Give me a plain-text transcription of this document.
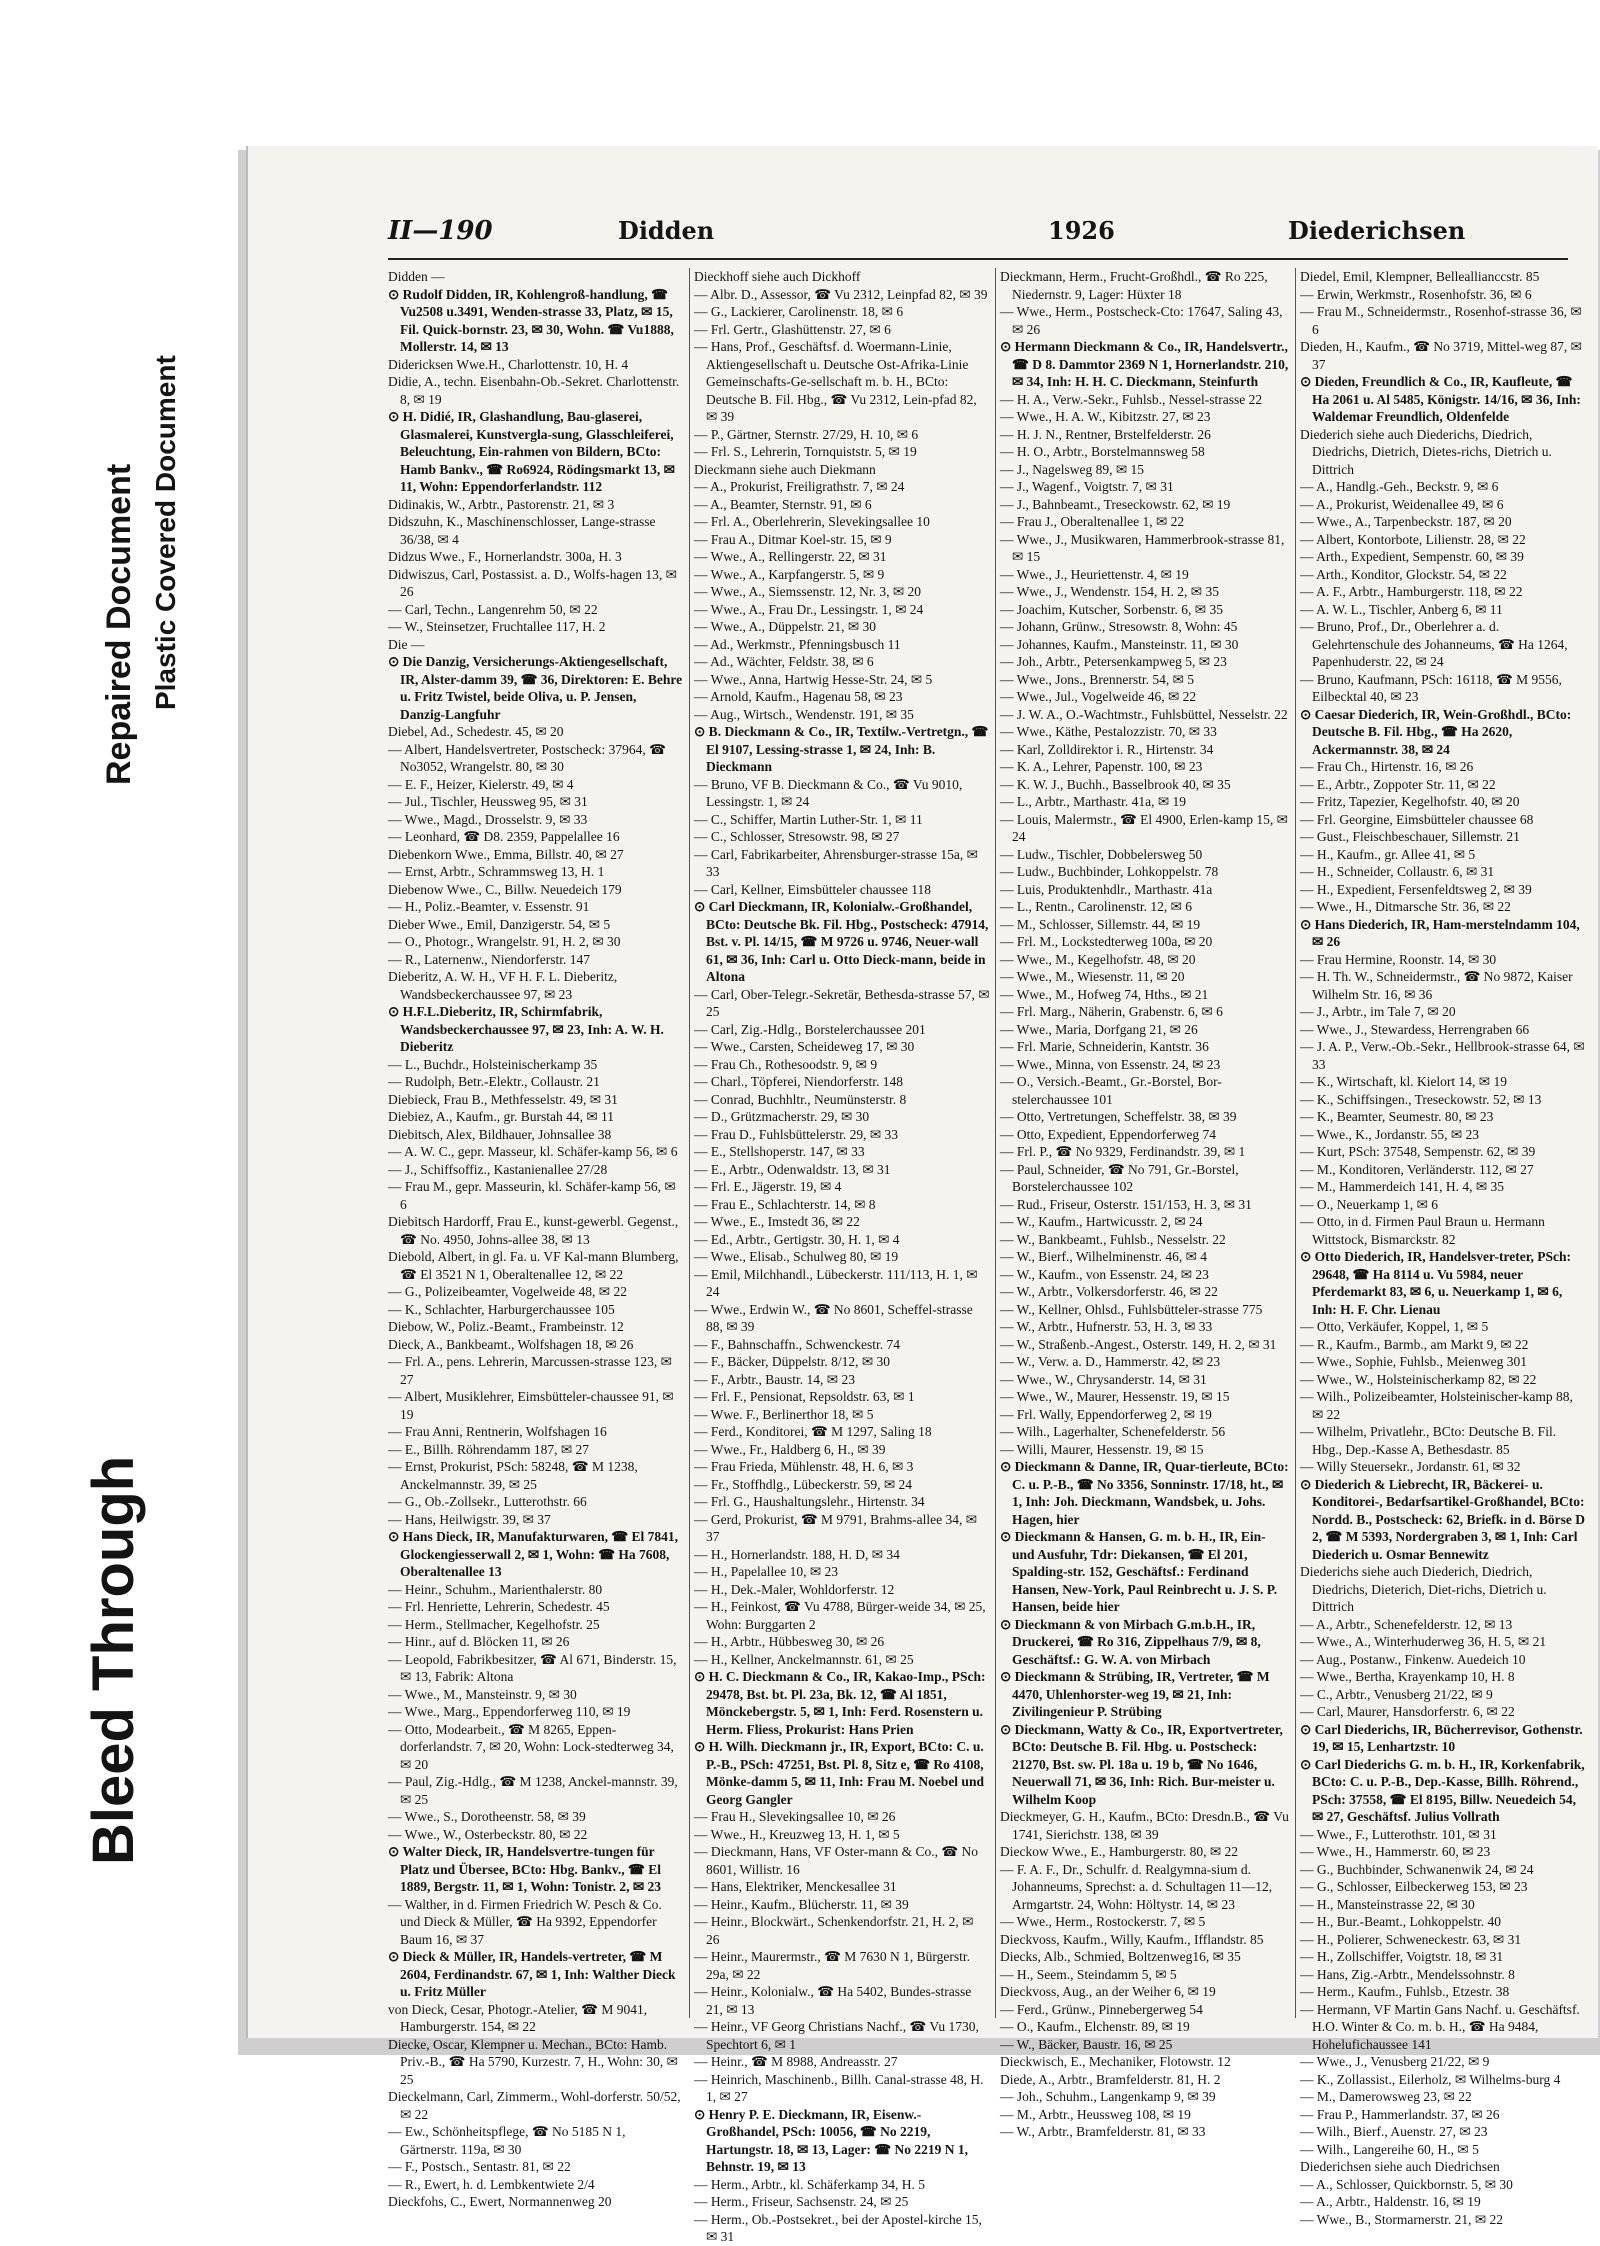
Bleed Through
Repaired Document Plastic Covered Document
II—190	Didden	1926	Diederichsen

Didden —

⊙ Rudolf Didden, IR, Kohlengroß-handlung, ☎ Vu2508 u.3491, Wenden-strasse 33, Platz, ✉ 15, Fil. Quick-bornstr. 23, ✉ 30, Wohn. ☎ Vu1888, Mollerstr. 14, ✉ 13

Didericksen Wwe.H., Charlottenstr. 10, H. 4

Didie, A., techn. Eisenbahn-Ob.-Sekret. Charlottenstr. 8, ✉ 19

⊙ H. Didié, IR, Glashandlung, Bau-glaserei, Glasmalerei, Kunstvergla-sung, Glasschleiferei, Beleuchtung, Ein-rahmen von Bildern, BCto: Hamb Bankv., ☎ Ro6924, Rödingsmarkt 13, ✉ 11, Wohn: Eppendorferlandstr. 112

Didinakis, W., Arbtr., Pastorenstr. 21, ✉ 3

Didszuhn, K., Maschinenschlosser, Lange-strasse 36/38, ✉ 4

Didzus Wwe., F., Hornerlandstr. 300a, H. 3

Didwiszus, Carl, Postassist. a. D., Wolfs-hagen 13, ✉ 26

— Carl, Techn., Langenrehm 50, ✉ 22

— W., Steinsetzer, Fruchtallee 117, H. 2

Die —

⊙ Die Danzig, Versicherungs-Aktiengesellschaft, IR, Alster-damm 39, ☎ 36, Direktoren: E. Behre u. Fritz Twistel, beide Oliva, u. P. Jensen, Danzig-Langfuhr

Diebel, Ad., Schedestr. 45, ✉ 20

— Albert, Handelsvertreter, Postscheck: 37964, ☎ No3052, Wrangelstr. 80, ✉ 30

— E. F., Heizer, Kielerstr. 49, ✉ 4

— Jul., Tischler, Heussweg 95, ✉ 31

— Wwe., Magd., Drosselstr. 9, ✉ 33

— Leonhard, ☎ D8. 2359, Pappelallee 16

Diebenkorn Wwe., Emma, Billstr. 40, ✉ 27

— Ernst, Arbtr., Schrammsweg 13, H. 1

Diebenow Wwe., C., Billw. Neuedeich 179

— H., Poliz.-Beamter, v. Essenstr. 91

Dieber Wwe., Emil, Danzigerstr. 54, ✉ 5

— O., Photogr., Wrangelstr. 91, H. 2, ✉ 30

— R., Laternenw., Niendorferstr. 147

Dieberitz, A. W. H., VF H. F. L. Dieberitz, Wandsbeckerchaussee 97, ✉ 23

⊙ H.F.L.Dieberitz, IR, Schirmfabrik, Wandsbeckerchaussee 97, ✉ 23, Inh: A. W. H. Dieberitz

— L., Buchdr., Holsteinischerkamp 35

— Rudolph, Betr.-Elektr., Collaustr. 21

Diebieck, Frau B., Methfesselstr. 49, ✉ 31

Diebiez, A., Kaufm., gr. Burstah 44, ✉ 11

Diebitsch, Alex, Bildhauer, Johnsallee 38

— A. W. C., gepr. Masseur, kl. Schäfer-kamp 56, ✉ 6

— J., Schiffsoffiz., Kastanienallee 27/28

— Frau M., gepr. Masseurin, kl. Schäfer-kamp 56, ✉ 6

Diebitsch Hardorff, Frau E., kunst-gewerbl. Gegenst., ☎ No. 4950, Johns-allee 38, ✉ 13

Diebold, Albert, in gl. Fa. u. VF Kal-mann Blumberg, ☎ El 3521 N 1, Oberaltenallee 12, ✉ 22

— G., Polizeibeamter, Vogelweide 48, ✉ 22

— K., Schlachter, Harburgerchaussee 105

Diebow, W., Poliz.-Beamt., Frambeinstr. 12

Dieck, A., Bankbeamt., Wolfshagen 18, ✉ 26

— Frl. A., pens. Lehrerin, Marcussen-strasse 123, ✉ 27

— Albert, Musiklehrer, Eimsbütteler-chaussee 91, ✉ 19

— Frau Anni, Rentnerin, Wolfshagen 16

— E., Billh. Röhrendamm 187, ✉ 27

— Ernst, Prokurist, PSch: 58248, ☎ M 1238, Anckelmannstr. 39, ✉ 25

— G., Ob.-Zollsekr., Lutterothstr. 66

— Hans, Heilwigstr. 39, ✉ 37

⊙ Hans Dieck, IR, Manufakturwaren, ☎ El 7841, Glockengiesserwall 2, ✉ 1, Wohn: ☎ Ha 7608, Oberaltenallee 13

— Heinr., Schuhm., Marienthalerstr. 80

— Frl. Henriette, Lehrerin, Schedestr. 45

— Herm., Stellmacher, Kegelhofstr. 25

— Hinr., auf d. Blöcken 11, ✉ 26

— Leopold, Fabrikbesitzer, ☎ Al 671, Binderstr. 15, ✉ 13, Fabrik: Altona

— Wwe., M., Mansteinstr. 9, ✉ 30

— Wwe., Marg., Eppendorferweg 110, ✉ 19

— Otto, Modearbeit., ☎ M 8265, Eppen-dorferlandstr. 7, ✉ 20, Wohn: Lock-stedterweg 34, ✉ 20

— Paul, Zig.-Hdlg., ☎ M 1238, Anckel-mannstr. 39, ✉ 25

— Wwe., S., Dorotheenstr. 58, ✉ 39

— Wwe., W., Osterbeckstr. 80, ✉ 22

⊙ Walter Dieck, IR, Handelsvertre-tungen für Platz und Übersee, BCto: Hbg. Bankv., ☎ El 1889, Bergstr. 11, ✉ 1, Wohn: Tonistr. 2, ✉ 23

— Walther, in d. Firmen Friedrich W. Pesch & Co. und Dieck & Müller, ☎ Ha 9392, Eppendorfer Baum 16, ✉ 37

⊙ Dieck & Müller, IR, Handels-vertreter, ☎ M 2604, Ferdinandstr. 67, ✉ 1, Inh: Walther Dieck u. Fritz Müller

von Dieck, Cesar, Photogr.-Atelier, ☎ M 9041, Hamburgerstr. 154, ✉ 22

Diecke, Oscar, Klempner u. Mechan., BCto: Hamb. Priv.-B., ☎ Ha 5790, Kurzestr. 7, H., Wohn: 30, ✉ 25

Dieckelmann, Carl, Zimmerm., Wohl-dorferstr. 50/52, ✉ 22

— Ew., Schönheitspflege, ☎ No 5185 N 1, Gärtnerstr. 119a, ✉ 30

— F., Postsch., Sentastr. 81, ✉ 22

— R., Ewert, h. d. Lembkentwiete 2/4

Dieckfohs, C., Ewert, Normannenweg 20

Dieckhoff siehe auch Dickhoff

— Albr. D., Assessor, ☎ Vu 2312, Leinpfad 82, ✉ 39

— G., Lackierer, Carolinenstr. 18, ✉ 6

— Frl. Gertr., Glashüttenstr. 27, ✉ 6

— Hans, Prof., Geschäftsf. d. Woermann-Linie, Aktiengesellschaft u. Deutsche Ost-Afrika-Linie Gemeinschafts-Ge-sellschaft m. b. H., BCto: Deutsche B. Fil. Hbg., ☎ Vu 2312, Lein-pfad 82, ✉ 39

— P., Gärtner, Sternstr. 27/29, H. 10, ✉ 6

— Frl. S., Lehrerin, Tornquiststr. 5, ✉ 19

Dieckmann siehe auch Diekmann

— A., Prokurist, Freiligrathstr. 7, ✉ 24

— A., Beamter, Sternstr. 91, ✉ 6

— Frl. A., Oberlehrerin, Slevekingsallee 10

— Frau A., Ditmar Koel-str. 15, ✉ 9

— Wwe., A., Rellingerstr. 22, ✉ 31

— Wwe., A., Karpfangerstr. 5, ✉ 9

— Wwe., A., Siemssenstr. 12, Nr. 3, ✉ 20

— Wwe., A., Frau Dr., Lessingstr. 1, ✉ 24

— Wwe., A., Düppelstr. 21, ✉ 30

— Ad., Werkmstr., Pfenningsbusch 11

— Ad., Wächter, Feldstr. 38, ✉ 6

— Wwe., Anna, Hartwig Hesse-Str. 24, ✉ 5

— Arnold, Kaufm., Hagenau 58, ✉ 23

— Aug., Wirtsch., Wendenstr. 191, ✉ 35

⊙ B. Dieckmann & Co., IR, Textilw.-Vertretgn., ☎ El 9107, Lessing-strasse 1, ✉ 24, Inh: B. Dieckmann

— Bruno, VF B. Dieckmann & Co., ☎ Vu 9010, Lessingstr. 1, ✉ 24

— C., Schiffer, Martin Luther-Str. 1, ✉ 11

— C., Schlosser, Stresowstr. 98, ✉ 27

— Carl, Fabrikarbeiter, Ahrensburger-strasse 15a, ✉ 33

— Carl, Kellner, Eimsbütteler chaussee 118

⊙ Carl Dieckmann, IR, Kolonialw.-Großhandel, BCto: Deutsche Bk. Fil. Hbg., Postscheck: 47914, Bst. v. Pl. 14/15, ☎ M 9726 u. 9746, Neuer-wall 61, ✉ 36, Inh: Carl u. Otto Dieck-mann, beide in Altona

— Carl, Ober-Telegr.-Sekretär, Bethesda-strasse 57, ✉ 25

— Carl, Zig.-Hdlg., Borstelerchaussee 201

— Wwe., Carsten, Scheideweg 17, ✉ 30

— Frau Ch., Rothesoodstr. 9, ✉ 9

— Charl., Töpferei, Niendorferstr. 148

— Conrad, Buchhltr., Neumünsterstr. 8

— D., Grützmacherstr. 29, ✉ 30

— Frau D., Fuhlsbüttelerstr. 29, ✉ 33

— E., Stellshoperstr. 147, ✉ 33

— E., Arbtr., Odenwaldstr. 13, ✉ 31

— Frl. E., Jägerstr. 19, ✉ 4

— Frau E., Schlachterstr. 14, ✉ 8

— Wwe., E., Imstedt 36, ✉ 22

— Ed., Arbtr., Gertigstr. 30, H. 1, ✉ 4

— Wwe., Elisab., Schulweg 80, ✉ 19

— Emil, Milchhandl., Lübeckerstr. 111/113, H. 1, ✉ 24

— Wwe., Erdwin W., ☎ No 8601, Scheffel-strasse 88, ✉ 39

— F., Bahnschaffn., Schwenckestr. 74

— F., Bäcker, Düppelstr. 8/12, ✉ 30

— F., Arbtr., Baustr. 14, ✉ 23

— Frl. F., Pensionat, Repsoldstr. 63, ✉ 1

— Wwe. F., Berlinerthor 18, ✉ 5

— Ferd., Konditorei, ☎ M 1297, Saling 18

— Wwe., Fr., Haldberg 6, H., ✉ 39

— Frau Frieda, Mühlenstr. 48, H. 6, ✉ 3

— Fr., Stoffhdlg., Lübeckerstr. 59, ✉ 24

— Frl. G., Haushaltungslehr., Hirtenstr. 34

— Gerd, Prokurist, ☎ M 9791, Brahms-allee 34, ✉ 37

— H., Hornerlandstr. 188, H. D, ✉ 34

— H., Papelallee 10, ✉ 23

— H., Dek.-Maler, Wohldorferstr. 12

— H., Feinkost, ☎ Vu 4788, Bürger-weide 34, ✉ 25, Wohn: Burggarten 2

— H., Arbtr., Hübbesweg 30, ✉ 26

— H., Kellner, Anckelmannstr. 61, ✉ 25

⊙ H. C. Dieckmann & Co., IR, Kakao-Imp., PSch: 29478, Bst. bt. Pl. 23a, Bk. 12, ☎ Al 1851, Mönckebergstr. 5, ✉ 1, Inh: Ferd. Rosenstern u. Herm. Fliess, Prokurist: Hans Prien

⊙ H. Wilh. Dieckmann jr., IR, Export, BCto: C. u. P.-B., PSch: 47251, Bst. Pl. 8, Sitz e, ☎ Ro 4108, Mönke-damm 5, ✉ 11, Inh: Frau M. Noebel und Georg Gangler

— Frau H., Slevekingsallee 10, ✉ 26

— Wwe., H., Kreuzweg 13, H. 1, ✉ 5

— Dieckmann, Hans, VF Oster-mann & Co., ☎ No 8601, Willistr. 16

— Hans, Elektriker, Menckesallee 31

— Heinr., Kaufm., Blücherstr. 11, ✉ 39

— Heinr., Blockwärt., Schenkendorfstr. 21, H. 2, ✉ 26

— Heinr., Maurermstr., ☎ M 7630 N 1, Bürgerstr. 29a, ✉ 22

— Heinr., Kolonialw., ☎ Ha 5402, Bundes-strasse 21, ✉ 13

— Heinr., VF Georg Christians Nachf., ☎ Vu 1730, Spechtort 6, ✉ 1

— Heinr., ☎ M 8988, Andreasstr. 27

— Heinrich, Maschinenb., Billh. Canal-strasse 48, H. 1, ✉ 27

⊙ Henry P. E. Dieckmann, IR, Eisenw.-Großhandel, PSch: 10056, ☎ No 2219, Hartungstr. 18, ✉ 13, Lager: ☎ No 2219 N 1, Behnstr. 19, ✉ 13

— Herm., Arbtr., kl. Schäferkamp 34, H. 5

— Herm., Friseur, Sachsenstr. 24, ✉ 25

— Herm., Ob.-Postsekret., bei der Apostel-kirche 15, ✉ 31

Dieckmann, Herm., Frucht-Großhdl., ☎ Ro 225, Niedernstr. 9, Lager: Hüxter 18

— Wwe., Herm., Postscheck-Cto: 17647, Saling 43, ✉ 26

⊙ Hermann Dieckmann & Co., IR, Handelsvertr., ☎ D 8. Dammtor 2369 N 1, Hornerlandstr. 210, ✉ 34, Inh: H. H. C. Dieckmann, Steinfurth

— H. A., Verw.-Sekr., Fuhlsb., Nessel-strasse 22

— Wwe., H. A. W., Kibitzstr. 27, ✉ 23

— H. J. N., Rentner, Brstelfelderstr. 26

— H. O., Arbtr., Borstelmannsweg 58

— J., Nagelsweg 89, ✉ 15

— J., Wagenf., Voigtstr. 7, ✉ 31

— J., Bahnbeamt., Treseckowstr. 62, ✉ 19

— Frau J., Oberaltenallee 1, ✉ 22

— Wwe., J., Musikwaren, Hammerbrook-strasse 81, ✉ 15

— Wwe., J., Heuriettenstr. 4, ✉ 19

— Wwe., J., Wendenstr. 154, H. 2, ✉ 35

— Joachim, Kutscher, Sorbenstr. 6, ✉ 35

— Johann, Grünw., Stresowstr. 8, Wohn: 45

— Johannes, Kaufm., Mansteinstr. 11, ✉ 30

— Joh., Arbtr., Petersenkampweg 5, ✉ 23

— Wwe., Jons., Brennerstr. 54, ✉ 5

— Wwe., Jul., Vogelweide 46, ✉ 22

— J. W. A., O.-Wachtmstr., Fuhlsbüttel, Nesselstr. 22

— Wwe., Käthe, Pestalozzistr. 70, ✉ 33

— Karl, Zolldirektor i. R., Hirtenstr. 34

— K. A., Lehrer, Papenstr. 100, ✉ 23

— K. W. J., Buchh., Basselbrook 40, ✉ 35

— L., Arbtr., Marthastr. 41a, ✉ 19

— Louis, Malermstr., ☎ El 4900, Erlen-kamp 15, ✉ 24

— Ludw., Tischler, Dobbelersweg 50

— Ludw., Buchbinder, Lohkoppelstr. 78

— Luis, Produktenhdlr., Marthastr. 41a

— L., Rentn., Carolinenstr. 12, ✉ 6

— M., Schlosser, Sillemstr. 44, ✉ 19

— Frl. M., Lockstedterweg 100a, ✉ 20

— Wwe., M., Kegelhofstr. 48, ✉ 20

— Wwe., M., Wiesenstr. 11, ✉ 20

— Wwe., M., Hofweg 74, Hths., ✉ 21

— Frl. Marg., Näherin, Grabenstr. 6, ✉ 6

— Wwe., Maria, Dorfgang 21, ✉ 26

— Frl. Marie, Schneiderin, Kantstr. 36

— Wwe., Minna, von Essenstr. 24, ✉ 23

— O., Versich.-Beamt., Gr.-Borstel, Bor-stelerchaussee 101

— Otto, Vertretungen, Scheffelstr. 38, ✉ 39

— Otto, Expedient, Eppendorferweg 74

— Frl. P., ☎ No 9329, Ferdinandstr. 39, ✉ 1

— Paul, Schneider, ☎ No 791, Gr.-Borstel, Borstelerchaussee 102

— Rud., Friseur, Osterstr. 151/153, H. 3, ✉ 31

— W., Kaufm., Hartwicusstr. 2, ✉ 24

— W., Bankbeamt., Fuhlsb., Nesselstr. 22

— W., Bierf., Wilhelminenstr. 46, ✉ 4

— W., Kaufm., von Essenstr. 24, ✉ 23

— W., Arbtr., Volkersdorferstr. 46, ✉ 22

— W., Kellner, Ohlsd., Fuhlsbütteler-strasse 775

— W., Arbtr., Hufnerstr. 53, H. 3, ✉ 33

— W., Straßenb.-Angest., Osterstr. 149, H. 2, ✉ 31

— W., Verw. a. D., Hammerstr. 42, ✉ 23

— Wwe., W., Chrysanderstr. 14, ✉ 31

— Wwe., W., Maurer, Hessenstr. 19, ✉ 15

— Frl. Wally, Eppendorferweg 2, ✉ 19

— Wilh., Lagerhalter, Schenefelderstr. 56

— Willi, Maurer, Hessenstr. 19, ✉ 15

⊙ Dieckmann & Danne, IR, Quar-tierleute, BCto: C. u. P.-B., ☎ No 3356, Sonninstr. 17/18, ht., ✉ 1, Inh: Joh. Dieckmann, Wandsbek, u. Johs. Hagen, hier

⊙ Dieckmann & Hansen, G. m. b. H., IR, Ein- und Ausfuhr, Tdr: Diekansen, ☎ El 201, Spalding-str. 152, Geschäftsf.: Ferdinand Hansen, New-York, Paul Reinbrecht u. J. S. P. Hansen, beide hier

⊙ Dieckmann & von Mirbach G.m.b.H., IR, Druckerei, ☎ Ro 316, Zippelhaus 7/9, ✉ 8, Geschäftsf.: G. W. A. von Mirbach

⊙ Dieckmann & Strübing, IR, Vertreter, ☎ M 4470, Uhlenhorster-weg 19, ✉ 21, Inh: Zivilingenieur P. Strübing

⊙ Dieckmann, Watty & Co., IR, Exportvertreter, BCto: Deutsche B. Fil. Hbg. u. Postscheck: 21270, Bst. sw. Pl. 18a u. 19 b, ☎ No 1646, Neuerwall 71, ✉ 36, Inh: Rich. Bur-meister u. Wilhelm Koop

Dieckmeyer, G. H., Kaufm., BCto: Dresdn.B., ☎ Vu 1741, Sierichstr. 138, ✉ 39

Dieckow Wwe., E., Hamburgerstr. 80, ✉ 22

— F. A. F., Dr., Schulfr. d. Realgymna-sium d. Johanneums, Sprechst: a. d. Schultagen 11—12, Armgartstr. 24, Wohn: Höltystr. 14, ✉ 23

— Wwe., Herm., Rostockerstr. 7, ✉ 5

Dieckvoss, Kaufm., Willy, Kaufm., Ifflandstr. 85

Diecks, Alb., Schmied, Boltzenweg16, ✉ 35

— H., Seem., Steindamm 5, ✉ 5

Dieckvoss, Aug., an der Weiher 6, ✉ 19

— Ferd., Grünw., Pinnebergerweg 54

— O., Kaufm., Elchenstr. 89, ✉ 19

— W., Bäcker, Baustr. 16, ✉ 25

Dieckwisch, E., Mechaniker, Flotowstr. 12

Diede, A., Arbtr., Bramfelderstr. 81, H. 2

— Joh., Schuhm., Langenkamp 9, ✉ 39

— M., Arbtr., Heussweg 108, ✉ 19

— W., Arbtr., Bramfelderstr. 81, ✉ 33

Diedel, Emil, Klempner, Belleallianccstr. 85

— Erwin, Werkmstr., Rosenhofstr. 36, ✉ 6

— Frau M., Schneidermstr., Rosenhof-strasse 36, ✉ 6

Dieden, H., Kaufm., ☎ No 3719, Mittel-weg 87, ✉ 37

⊙ Dieden, Freundlich & Co., IR, Kaufleute, ☎ Ha 2061 u. Al 5485, Königstr. 14/16, ✉ 36, Inh: Waldemar Freundlich, Oldenfelde

Diederich siehe auch Diederichs, Diedrich, Diedrichs, Dietrich, Dietes-richs, Dietrich u. Dittrich

— A., Handlg.-Geh., Beckstr. 9, ✉ 6

— A., Prokurist, Weidenallee 49, ✉ 6

— Wwe., A., Tarpenbeckstr. 187, ✉ 20

— Albert, Kontorbote, Lilienstr. 28, ✉ 22

— Arth., Expedient, Sempenstr. 60, ✉ 39

— Arth., Konditor, Glockstr. 54, ✉ 22

— A. F., Arbtr., Hamburgerstr. 118, ✉ 22

— A. W. L., Tischler, Anberg 6, ✉ 11

— Bruno, Prof., Dr., Oberlehrer a. d. Gelehrtenschule des Johanneums, ☎ Ha 1264, Papenhuderstr. 22, ✉ 24

— Bruno, Kaufmann, PSch: 16118, ☎ M 9556, Eilbecktal 40, ✉ 23

⊙ Caesar Diederich, IR, Wein-Großhdl., BCto: Deutsche B. Fil. Hbg., ☎ Ha 2620, Ackermannstr. 38, ✉ 24

— Frau Ch., Hirtenstr. 16, ✉ 26

— E., Arbtr., Zoppoter Str. 11, ✉ 22

— Fritz, Tapezier, Kegelhofstr. 40, ✉ 20

— Frl. Georgine, Eimsbütteler chaussee 68

— Gust., Fleischbeschauer, Sillemstr. 21

— H., Kaufm., gr. Allee 41, ✉ 5

— H., Schneider, Collaustr. 6, ✉ 31

— H., Expedient, Fersenfeldtsweg 2, ✉ 39

— Wwe., H., Ditmarsche Str. 36, ✉ 22

⊙ Hans Diederich, IR, Ham-merstelndamm 104, ✉ 26

— Frau Hermine, Roonstr. 14, ✉ 30

— H. Th. W., Schneidermstr., ☎ No 9872, Kaiser Wilhelm Str. 16, ✉ 36

— J., Arbtr., im Tale 7, ✉ 20

— Wwe., J., Stewardess, Herrengraben 66

— J. A. P., Verw.-Ob.-Sekr., Hellbrook-strasse 64, ✉ 33

— K., Wirtschaft, kl. Kielort 14, ✉ 19

— K., Schiffsingen., Treseckowstr. 52, ✉ 13

— K., Beamter, Seumestr. 80, ✉ 23

— Wwe., K., Jordanstr. 55, ✉ 23

— Kurt, PSch: 37548, Sempenstr. 62, ✉ 39

— M., Konditoren, Verländerstr. 112, ✉ 27

— M., Hammerdeich 141, H. 4, ✉ 35

— O., Neuerkamp 1, ✉ 6

— Otto, in d. Firmen Paul Braun u. Hermann Wittstock, Bismarckstr. 82

⊙ Otto Diederich, IR, Handelsver-treter, PSch: 29648, ☎ Ha 8114 u. Vu 5984, neuer Pferdemarkt 83, ✉ 6, u. Neuerkamp 1, ✉ 6, Inh: H. F. Chr. Lienau

— Otto, Verkäufer, Koppel, 1, ✉ 5

— R., Kaufm., Barmb., am Markt 9, ✉ 22

— Wwe., Sophie, Fuhlsb., Meienweg 301

— Wwe., W., Holsteinischerkamp 82, ✉ 22

— Wilh., Polizeibeamter, Holsteinischer-kamp 88, ✉ 22

— Wilhelm, Privatlehr., BCto: Deutsche B. Fil. Hbg., Dep.-Kasse A, Bethesdastr. 85

— Willy Steuersekr., Jordanstr. 61, ✉ 32

⊙ Diederich & Liebrecht, IR, Bäckerei- u. Konditorei-, Bedarfsartikel-Großhandel, BCto: Nordd. B., Postscheck: 62, Briefk. in d. Börse D 2, ☎ M 5393, Nordergraben 3, ✉ 1, Inh: Carl Diederich u. Osmar Bennewitz

Diederichs siehe auch Diederich, Diedrich, Diedrichs, Dieterich, Diet-richs, Dietrich u. Dittrich

— A., Arbtr., Schenefelderstr. 12, ✉ 13

— Wwe., A., Winterhuderweg 36, H. 5, ✉ 21

— Aug., Postanw., Finkenw. Auedeich 10

— Wwe., Bertha, Krayenkamp 10, H. 8

— C., Arbtr., Venusberg 21/22, ✉ 9

— Carl, Maurer, Hansdorferstr. 6, ✉ 22

⊙ Carl Diederichs, IR, Bücherrevisor, Gothenstr. 19, ✉ 15, Lenhartzstr. 10

⊙ Carl Diederichs G. m. b. H., IR, Korkenfabrik, BCto: C. u. P.-B., Dep.-Kasse, Billh. Röhrend., PSch: 37558, ☎ El 8195, Billw. Neuedeich 54, ✉ 27, Geschäftsf. Julius Vollrath

— Wwe., F., Lutterothstr. 101, ✉ 31

— Wwe., H., Hammerstr. 60, ✉ 23

— G., Buchbinder, Schwanenwik 24, ✉ 24

— G., Schlosser, Eilbeckerweg 153, ✉ 23

— H., Mansteinstrasse 22, ✉ 30

— H., Bur.-Beamt., Lohkoppelstr. 40

— H., Polierer, Schweneckestr. 63, ✉ 31

— H., Zollschiffer, Voigtstr. 18, ✉ 31

— Hans, Zig.-Arbtr., Mendelssohnstr. 8

— Herm., Kaufm., Fuhlsb., Etzestr. 38

— Hermann, VF Martin Gans Nachf. u. Geschäftsf. H.O. Winter & Co. m. b. H., ☎ Ha 9484, Hohelufichaussee 141

— Wwe., J., Venusberg 21/22, ✉ 9

— K., Zollassist., Eilerholz, ✉ Wilhelms-burg 4

— M., Damerowsweg 23, ✉ 22

— Frau P., Hammerlandstr. 37, ✉ 26

— Wilh., Bierf., Auenstr. 27, ✉ 23

— Wilh., Langereihe 60, H., ✉ 5

Diederichsen siehe auch Diedrichsen

— A., Schlosser, Quickbornstr. 5, ✉ 30

— A., Arbtr., Haldenstr. 16, ✉ 19

— Wwe., B., Stormarnerstr. 21, ✉ 22
